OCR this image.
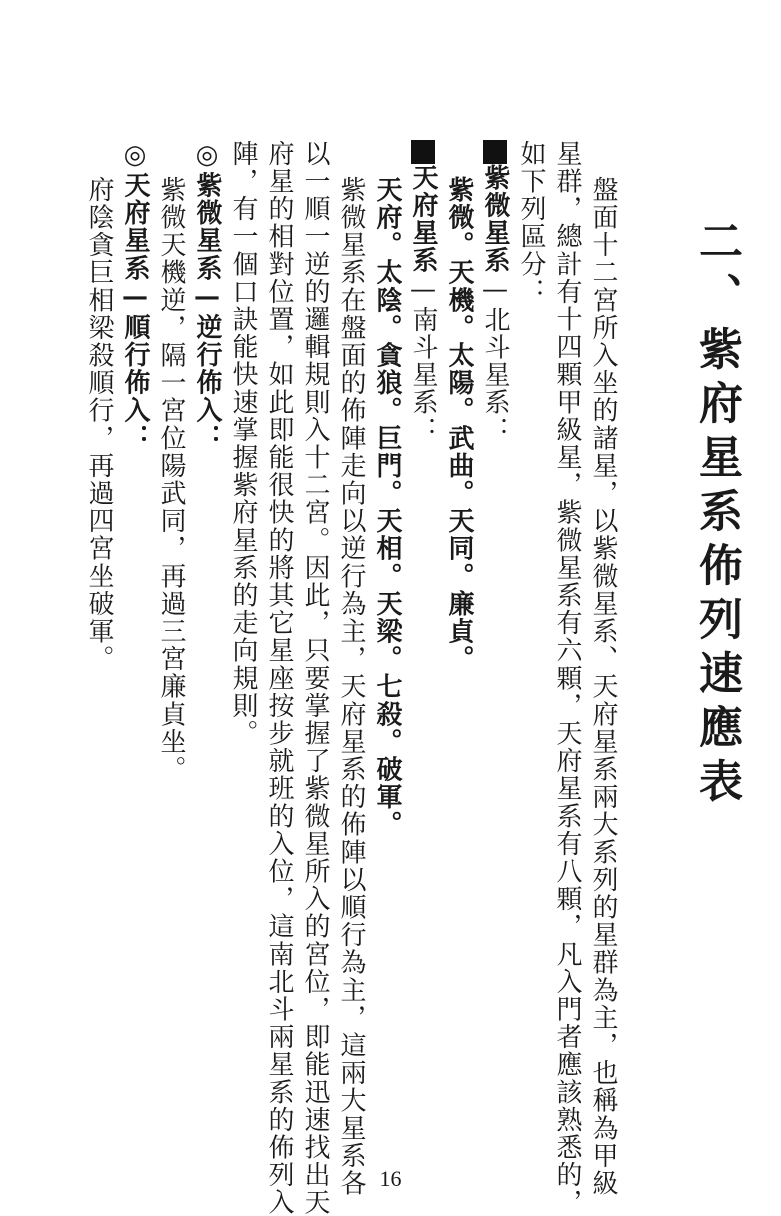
二、紫府星系佈列速應表
盤面十二宮所入坐的諸星，以紫微星系、天府星系兩大系列的星群為主，也稱為甲級
星群，總計有十四顆甲級星，紫微星系有六顆，天府星系有八顆，凡入門者應該熟悉的，
如下列區分：
紫微星系—北斗星系：
紫微。天機。太陽。武曲。天同。廉貞。
天府星系—南斗星系：
天府。太陰。貪狼。巨門。天相。天梁。七殺。破軍。
紫微星系在盤面的佈陣走向以逆行為主，天府星系的佈陣以順行為主，這兩大星系各
以一順一逆的邏輯規則入十二宮。因此，只要掌握了紫微星所入的宮位，即能迅速找出天
府星的相對位置，如此即能很快的將其它星座按步就班的入位，這南北斗兩星系的佈列入
陣，有一個口訣能快速掌握紫府星系的走向規則。
◎紫微星系—逆行佈入：
紫微天機逆，隔一宮位陽武同，再過三宮廉貞坐。
◎天府星系—順行佈入：
府陰貪巨相梁殺順行，再過四宮坐破軍。
16
